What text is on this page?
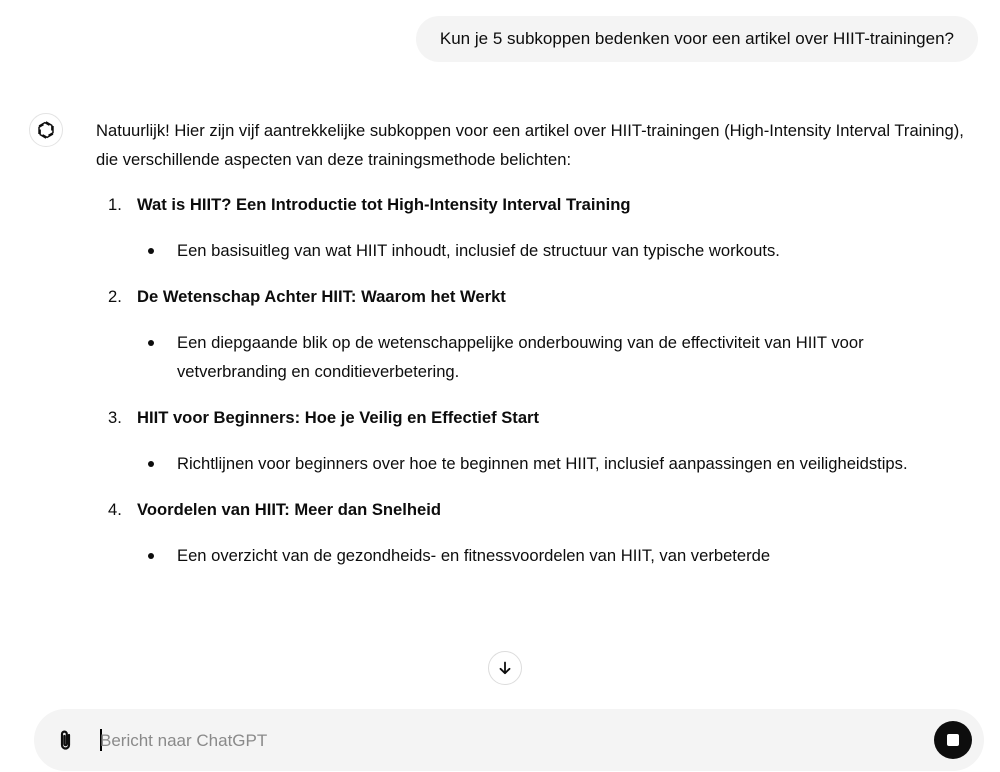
Kun je 5 subkoppen bedenken voor een artikel over HIIT-trainingen?

Natuurlijk! Hier zijn vijf aantrekkelijke subkoppen voor een artikel over HIIT-trainingen (High-Intensity Interval Training), die verschillende aspecten van deze trainingsmethode belichten:

1. Wat is HIIT? Een Introductie tot High-Intensity Interval Training
Een basisuitleg van wat HIIT inhoudt, inclusief de structuur van typische workouts.
2. De Wetenschap Achter HIIT: Waarom het Werkt
Een diepgaande blik op de wetenschappelijke onderbouwing van de effectiviteit van HIIT voor vetverbranding en conditieverbetering.
3. HIIT voor Beginners: Hoe je Veilig en Effectief Start
Richtlijnen voor beginners over hoe te beginnen met HIIT, inclusief aanpassingen en veiligheidstips.
4. Voordelen van HIIT: Meer dan Snelheid
Een overzicht van de gezondheids- en fitnessvoordelen van HIIT, van verbeterde
Bericht naar ChatGPT
